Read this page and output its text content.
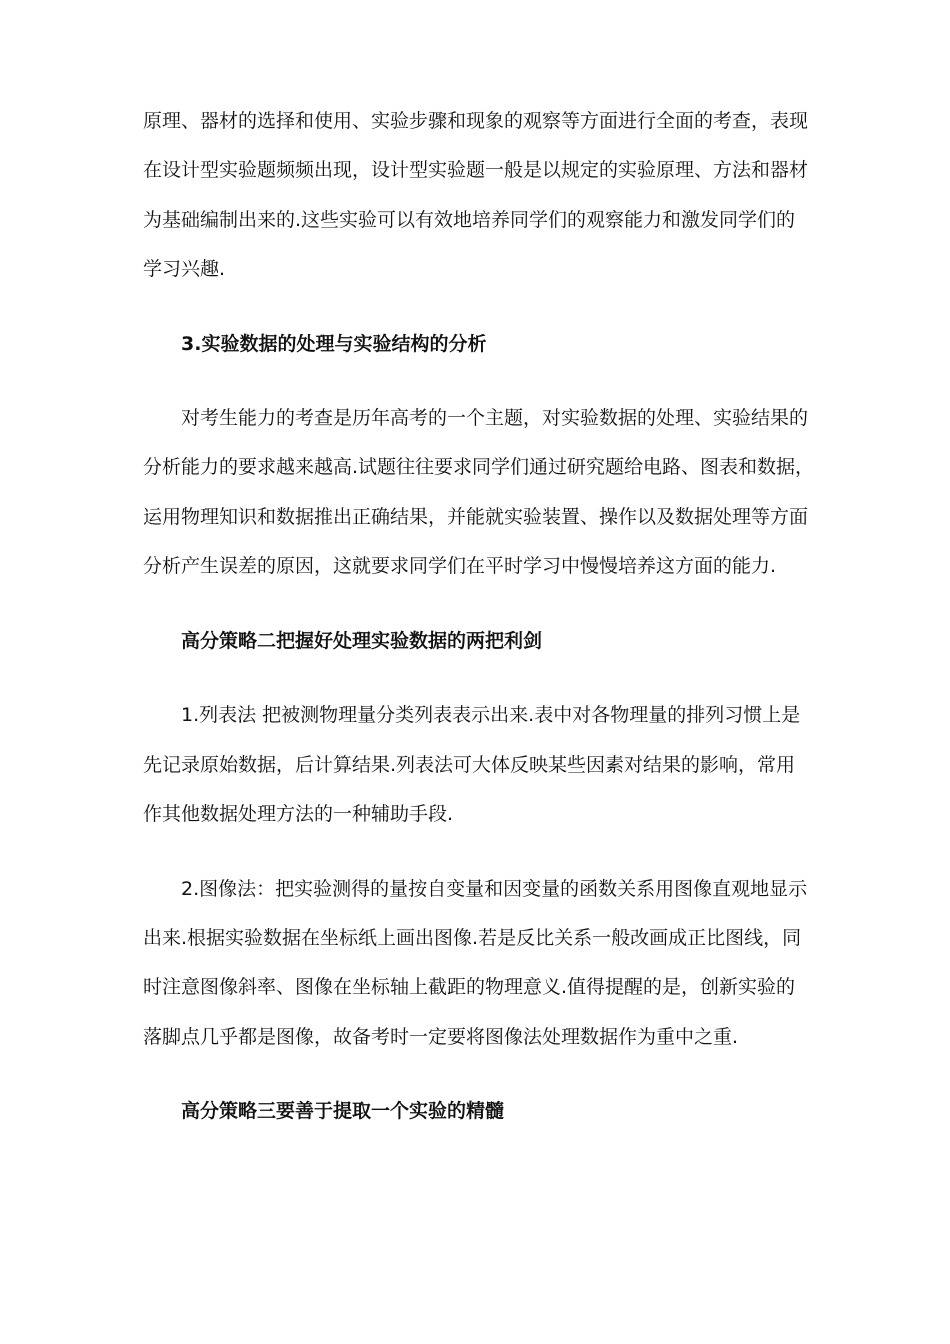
原理、器材的选择和使用、实验步骤和现象的观察等方面进行全面的考查，表现
在设计型实验题频频出现，设计型实验题一般是以规定的实验原理、方法和器材
为基础编制出来的.这些实验可以有效地培养同学们的观察能力和激发同学们的
学习兴趣.
3.实验数据的处理与实验结构的分析
对考生能力的考查是历年高考的一个主题，对实验数据的处理、实验结果的
分析能力的要求越来越高.试题往往要求同学们通过研究题给电路、图表和数据，
运用物理知识和数据推出正确结果，并能就实验装置、操作以及数据处理等方面
分析产生误差的原因，这就要求同学们在平时学习中慢慢培养这方面的能力.
高分策略二把握好处理实验数据的两把利剑
1.列表法 把被测物理量分类列表表示出来.表中对各物理量的排列习惯上是
先记录原始数据，后计算结果.列表法可大体反映某些因素对结果的影响，常用
作其他数据处理方法的一种辅助手段.
2.图像法：把实验测得的量按自变量和因变量的函数关系用图像直观地显示
出来.根据实验数据在坐标纸上画出图像.若是反比关系一般改画成正比图线，同
时注意图像斜率、图像在坐标轴上截距的物理意义.值得提醒的是，创新实验的
落脚点几乎都是图像，故备考时一定要将图像法处理数据作为重中之重.
高分策略三要善于提取一个实验的精髓
